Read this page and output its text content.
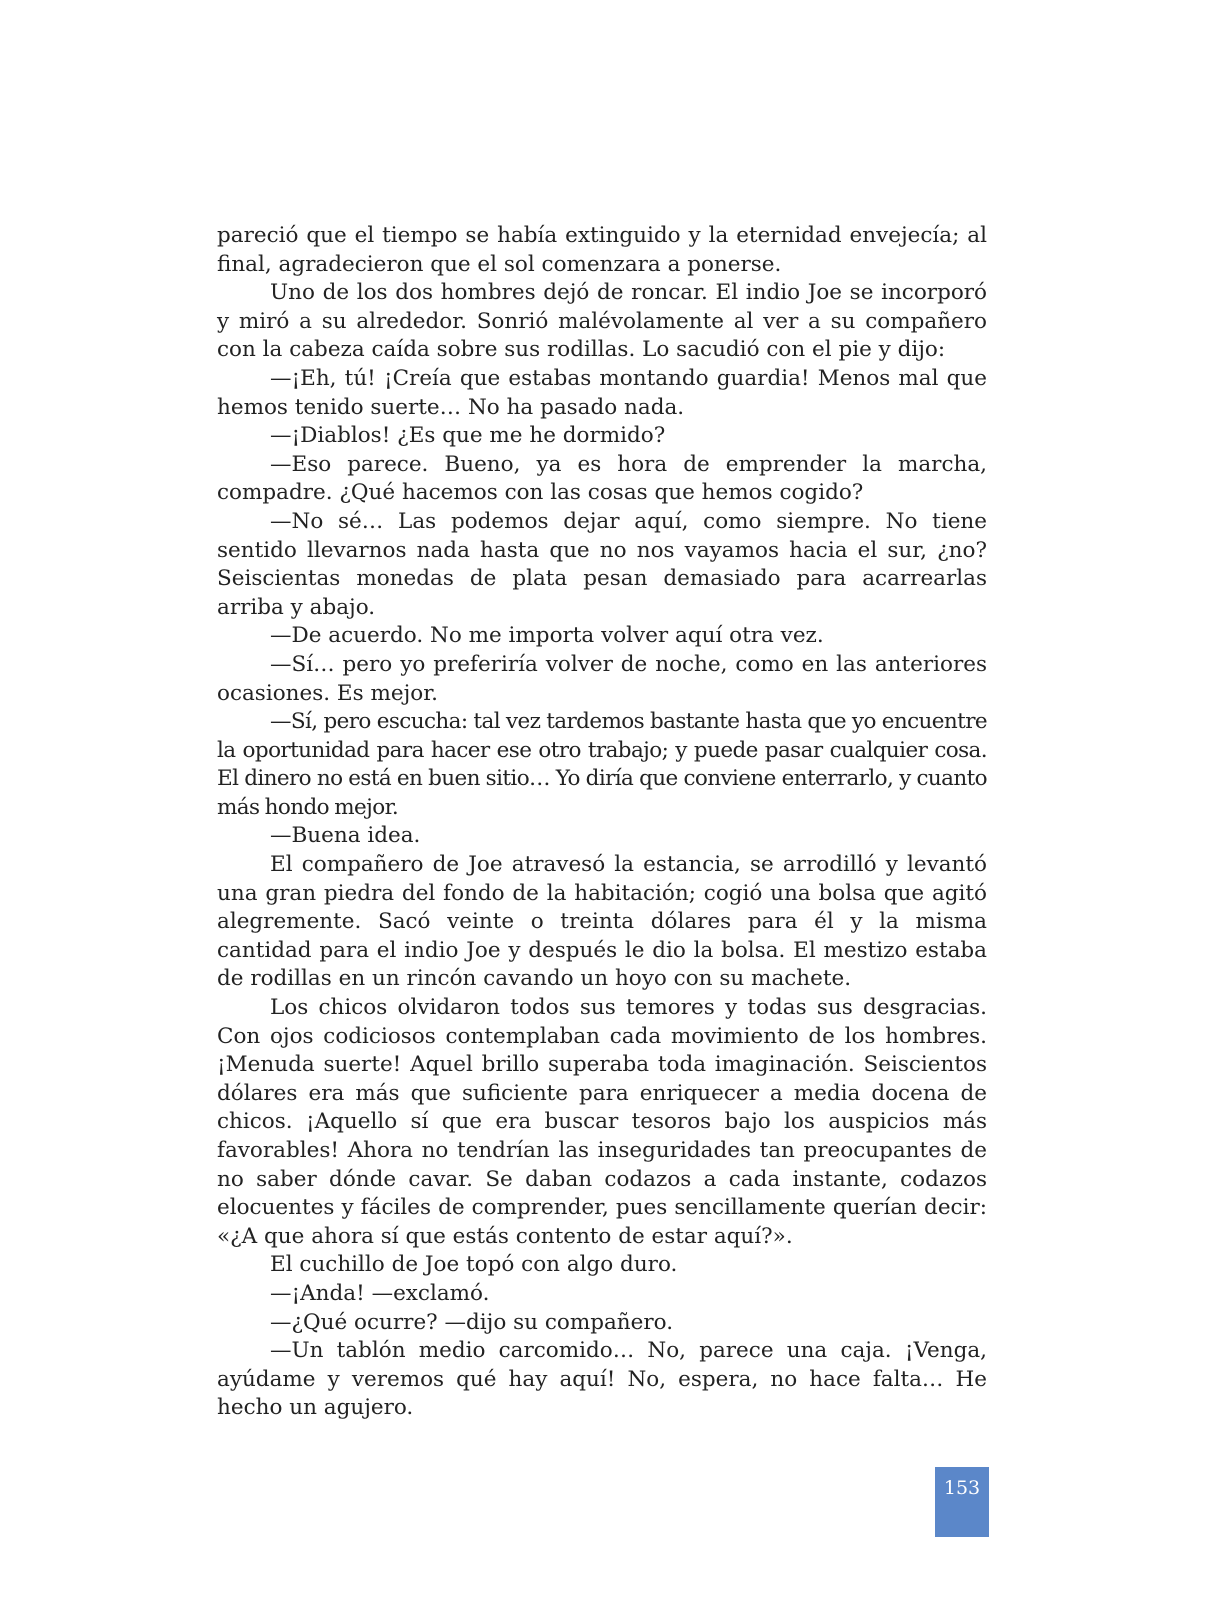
pareció que el tiempo se había extinguido y la eternidad envejecía; al final, agradecieron que el sol comenzara a ponerse.

Uno de los dos hombres dejó de roncar. El indio Joe se incorporó y miró a su alrededor. Sonrió malévolamente al ver a su compañero con la cabeza caída sobre sus rodillas. Lo sacudió con el pie y dijo:

—¡Eh, tú! ¡Creía que estabas montando guardia! Menos mal que hemos tenido suerte… No ha pasado nada.

—¡Diablos! ¿Es que me he dormido?

—Eso parece. Bueno, ya es hora de emprender la marcha, compadre. ¿Qué hacemos con las cosas que hemos cogido?

—No sé… Las podemos dejar aquí, como siempre. No tiene sentido llevarnos nada hasta que no nos vayamos hacia el sur, ¿no? Seiscientas monedas de plata pesan demasiado para acarrearlas arriba y abajo.

—De acuerdo. No me importa volver aquí otra vez.

—Sí… pero yo preferiría volver de noche, como en las anteriores ocasiones. Es mejor.

—Sí, pero escucha: tal vez tardemos bastante hasta que yo encuentre la oportunidad para hacer ese otro trabajo; y puede pasar cualquier cosa. El dinero no está en buen sitio… Yo diría que conviene enterrarlo, y cuanto más hondo mejor.

—Buena idea.

El compañero de Joe atravesó la estancia, se arrodilló y levantó una gran piedra del fondo de la habitación; cogió una bolsa que agitó alegremente. Sacó veinte o treinta dólares para él y la misma cantidad para el indio Joe y después le dio la bolsa. El mestizo estaba de rodillas en un rincón cavando un hoyo con su machete.

Los chicos olvidaron todos sus temores y todas sus desgracias. Con ojos codiciosos contemplaban cada movimiento de los hombres. ¡Menuda suerte! Aquel brillo superaba toda imaginación. Seiscientos dólares era más que suficiente para enriquecer a media docena de chicos. ¡Aquello sí que era buscar tesoros bajo los auspicios más favorables! Ahora no tendrían las inseguridades tan preocupantes de no saber dónde cavar. Se daban codazos a cada instante, codazos elocuentes y fáciles de comprender, pues sencillamente querían decir: «¿A que ahora sí que estás contento de estar aquí?».

El cuchillo de Joe topó con algo duro.

—¡Anda! —exclamó.

—¿Qué ocurre? —dijo su compañero.

—Un tablón medio carcomido… No, parece una caja. ¡Venga, ayúdame y veremos qué hay aquí! No, espera, no hace falta… He hecho un agujero.

153
